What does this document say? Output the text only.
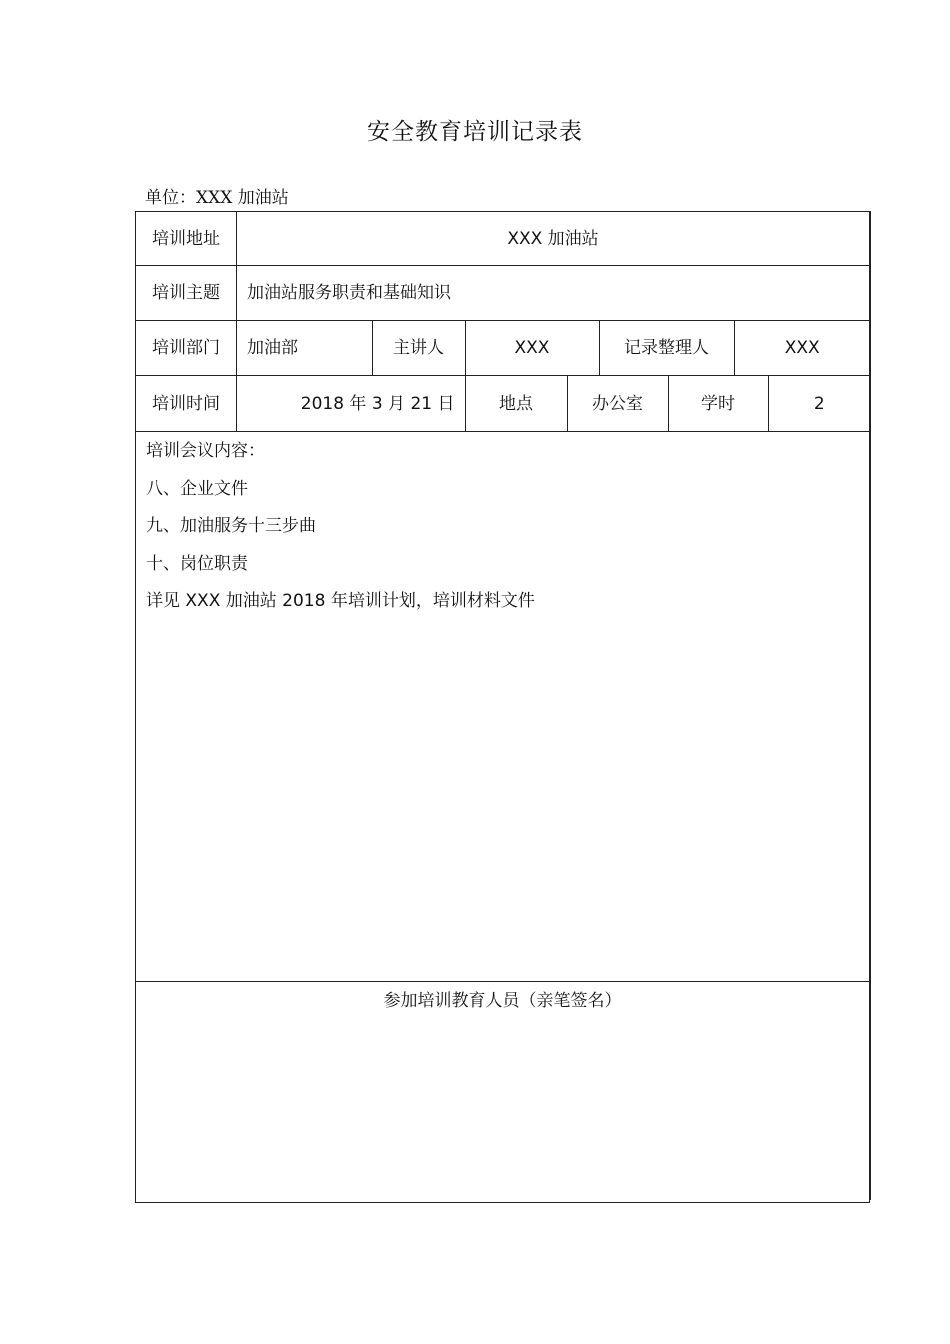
安全教育培训记录表
单位：XXX 加油站
培训地址	XXX 加油站
培训主题	加油站服务职责和基础知识
培训部门	加油部	主讲人	XXX	记录整理人	XXX

培训时间		2018 年 3 月 21 日	地点	办公室	学时	2

培训会议内容：
八、企业文件
九、加油服务十三步曲
十、岗位职责
详见 XXX 加油站 2018 年培训计划，培训材料文件

参加培训教育人员（亲笔签名）
